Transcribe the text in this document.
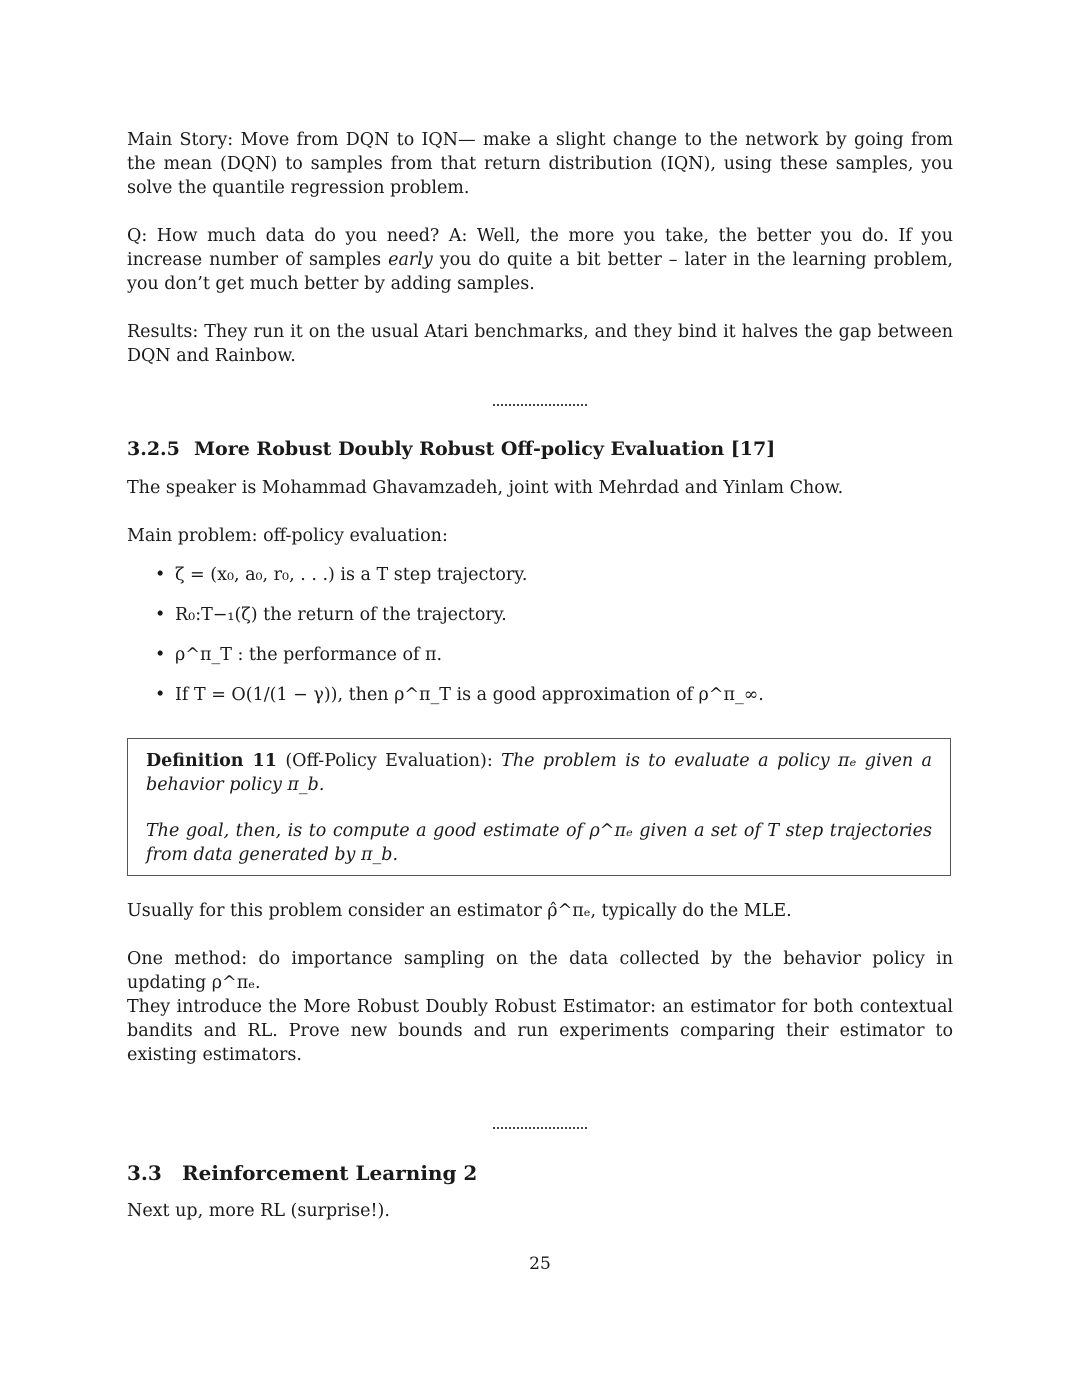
Main Story: Move from DQN to IQN— make a slight change to the network by going from the mean (DQN) to samples from that return distribution (IQN), using these samples, you solve the quantile regression problem.

Q: How much data do you need? A: Well, the more you take, the better you do. If you increase number of samples early you do quite a bit better – later in the learning problem, you don’t get much better by adding samples.

Results: They run it on the usual Atari benchmarks, and they bind it halves the gap between DQN and Rainbow.

3.2.5 More Robust Doubly Robust Off-policy Evaluation [17]

The speaker is Mohammad Ghavamzadeh, joint with Mehrdad and Yinlam Chow.

Main problem: off-policy evaluation:

• ζ = (x₀, a₀, r₀, . . .) is a T step trajectory.
• R₀:T−₁(ζ) the return of the trajectory.
• ρ^π_T : the performance of π.
• If T = O(1/(1 − γ)), then ρ^π_T is a good approximation of ρ^π_∞.

Definition 11 (Off-Policy Evaluation): The problem is to evaluate a policy πₑ given a behavior policy π_b.

The goal, then, is to compute a good estimate of ρ^πₑ given a set of T step trajectories from data generated by π_b.

Usually for this problem consider an estimator ρ̂^πₑ, typically do the MLE.

One method: do importance sampling on the data collected by the behavior policy in updating ρ^πₑ.

They introduce the More Robust Doubly Robust Estimator: an estimator for both contextual bandits and RL. Prove new bounds and run experiments comparing their estimator to existing estimators.

3.3 Reinforcement Learning 2

Next up, more RL (surprise!).

25
